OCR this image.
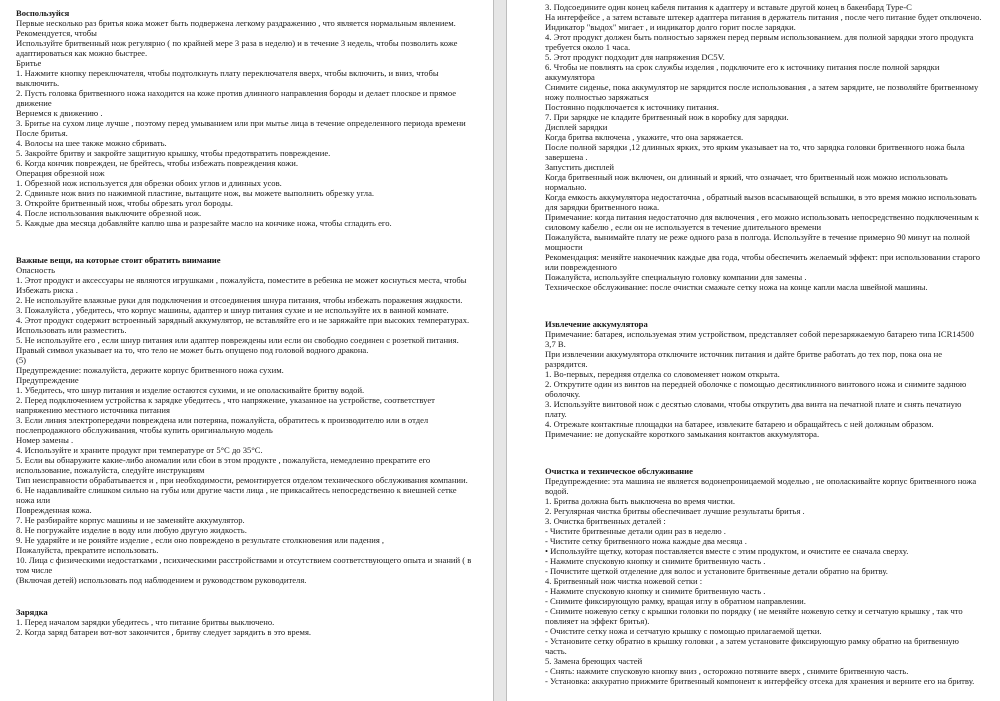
Воспользуйся

Первые несколько раз бритья кожа может быть подвержена легкому раздражению , что является нормальным явлением. Рекомендуется, чтобы

Используйте бритвенный нож регулярно ( по крайней мере 3 раза в неделю) и в течение 3 недель, чтобы позволить коже адаптироваться как можно быстрее.

Бритье

1. Нажмите кнопку переключателя, чтобы подтолкнуть плату переключателя вверх, чтобы включить, и вниз, чтобы выключить.

2. Пусть головка бритвенного ножа находится на коже против длинного направления бороды и делает плоское и прямое движение

Вернемся к движению .

3. Бритье на сухом лице лучше , поэтому перед умыванием или при мытье лица в течение определенного периода времени

После бритья.

4. Волосы на шее также можно сбривать.

5. Закройте бритву и закройте защитную крышку, чтобы предотвратить повреждение.

6. Когда кончик поврежден, не брейтесь, чтобы избежать повреждения кожи.

Операция обрезной нож

1. Обрезной нож используется для обрезки обоих углов и длинных усов.

2. Сдвиньте нож вниз по нажимной пластине, вытащите нож, вы можете выполнить обрезку угла.

3. Откройте бритвенный нож, чтобы обрезать угол бороды.

4. После использования выключите обрезной нож.

5. Каждые два месяца добавляйте каплю шва и разрезайте масло на кончике ножа, чтобы сгладить его.

Важные вещи, на которые стоит обратить внимание

Опасность

1. Этот продукт и аксессуары не являются игрушками , пожалуйста, поместите в ребенка не может коснуться места, чтобы

Избежать риска .

2. Не используйте влажные руки для подключения и отсоединения шнура питания, чтобы избежать поражения жидкости.

3. Пожалуйста , убедитесь, что корпус машины, адаптер и шнур питания сухие и не используйте их в ванной комнате.

4. Этот продукт содержит встроенный зарядный аккумулятор, не вставляйте его и не заряжайте при высоких температурах.

Использовать или разместить.

5. Не используйте его , если шнур питания или адаптер повреждены или если он свободно соединен с розеткой питания.

Правый символ указывает на то, что тело не может быть опущено под головой водного дракона.

(5)

Предупреждение: пожалуйста, держите корпус бритвенного ножа сухим.

Предупреждение

1. Убедитесь, что шнур питания и изделие остаются сухими, и не ополаскивайте бритву водой.

2. Перед подключением устройства к зарядке убедитесь , что напряжение, указанное на устройстве, соответствует напряжению местного источника питания

3. Если линия электропередачи повреждена или потеряна, пожалуйста, обратитесь к производителю или в отдел послепродажного обслуживания, чтобы купить оригинальную модель

Номер замены .

4. Используйте и храните продукт при температуре от 5°C до 35°C.

5. Если вы обнаружите какие-либо аномалии или сбои в этом продукте , пожалуйста, немедленно прекратите его использование, пожалуйста, следуйте инструкциям

Тип неисправности обрабатывается и , при необходимости, ремонтируется отделом технического обслуживания компании.

6. Не надавливайте слишком сильно на губы или другие части лица , не прикасайтесь непосредственно к внешней сетке ножа или

Поврежденная кожа.

7. Не разбирайте корпус машины и не заменяйте аккумулятор.

8. Не погружайте изделие в воду или любую другую жидкость.

9. Не ударяйте и не роняйте изделие , если оно повреждено в результате столкновения или падения ,

Пожалуйста, прекратите использовать.

10. Лица с физическими недостатками , психическими расстройствами и отсутствием соответствующего опыта и знаний ( в том числе

(Включая детей) использовать под наблюдением и руководством руководителя.

Зарядка

1. Перед началом зарядки убедитесь , что питание бритвы выключено.

2. Когда заряд батареи вот-вот закончится , бритву следует зарядить в это время.

3. Подсоедините один конец кабеля питания к адаптеру и вставьте другой конец в бакенбард Type-C

На интерфейсе , а затем вставьте штекер адаптера питания в держатель питания , после чего питание будет отключено.

Индикатор "выдох" мигает , и индикатор долго горит после зарядки.

4. Этот продукт должен быть полностью заряжен перед первым использованием. для полной зарядки этого продукта требуется около 1 часа.

5. Этот продукт подходит для напряжения DC5V.

6. Чтобы не повлиять на срок службы изделия , подключите его к источнику питания после полной зарядки аккумулятора

Снимите сиденье, пока аккумулятор не зарядится после использования , а затем зарядите, не позволяйте бритвенному ножу полностью заряжаться

Постоянно подключается к источнику питания.

7. При зарядке не кладите бритвенный нож в коробку для зарядки.

Дисплей зарядки

Когда бритва включена , укажите, что она заряжается.

После полной зарядки ,12 длинных ярких, это ярким указывает на то, что зарядка головки бритвенного ножа была завершена .

Запустить дисплей

Когда бритвенный нож включен, он длинный и яркий, что означает, что бритвенный нож можно использовать нормально.

Когда емкость аккумулятора недостаточна , обратный вызов всасывающей вспышки, в это время можно использовать для зарядки бритвенного ножа.

Примечание: когда питания недостаточно для включения , его можно использовать непосредственно подключенным к силовому кабелю , если он не используется в течение длительного времени

Пожалуйста, вынимайте плату не реже одного раза в полгода. Используйте в течение примерно 90 минут на полной мощности

Рекомендация: меняйте наконечник каждые два года, чтобы обеспечить желаемый эффект: при использовании старого или поврежденного

Пожалуйста, используйте специальную головку компании для замены .

Техническое обслуживание: после очистки смажьте сетку ножа на конце капли масла швейной машины.

Извлечение аккумулятора

Примечание: батарея, используемая этим устройством, представляет собой перезаряжаемую батарею типа ICR14500 3,7 В.

При извлечении аккумулятора отключите источник питания и дайте бритве работать до тех пор, пока она не разрядится.

1. Во-первых, передняя отделка со словоменяет ножом открыта.

2. Открутите один из винтов на передней оболочке с помощью десятиклинного винтового ножа и снимите заднюю оболочку.

3. Используйте винтовой нож с десятью словами, чтобы открутить два винта на печатной плате и снять печатную плату.

4. Отрежьте контактные площадки на батарее, извлеките батарею и обращайтесь с ней должным образом.

Примечание: не допускайте короткого замыкания контактов аккумулятора.

Очистка и техническое обслуживание

Предупреждение: эта машина не является водонепроницаемой моделью , не ополаскивайте корпус бритвенного ножа водой.

1. Бритва должна быть выключена во время чистки.

2. Регулярная чистка бритвы обеспечивает лучшие результаты бритья .

3. Очистка бритвенных деталей :

- Чистите бритвенные детали один раз в неделю .

- Чистите сетку бритвенного ножа каждые два месяца .

• Используйте щетку, которая поставляется вместе с этим продуктом, и очистите ее сначала сверху.

- Нажмите спусковую кнопку и снимите бритвенную часть .

- Почистите щеткой отделение для волос и установите бритвенные детали обратно на бритву.

4. Бритвенный нож чистка ножевой сетки :

- Нажмите спусковую кнопку и снимите бритвенную часть .

- Снимите фиксирующую рамку, вращая иглу в обратном направлении.

- Снимите ножевую сетку с крышки головки по порядку ( не меняйте ножевую сетку и сетчатую крышку , так что повлияет на эффект бритья).

- Очистите сетку ножа и сетчатую крышку с помощью прилагаемой щетки.

- Установите сетку обратно в крышку головки , а затем установите фиксирующую рамку обратно на бритвенную часть.

5. Замена бреющих частей

- Снять: нажмите спусковую кнопку вниз , осторожно потяните вверх , снимите бритвенную часть.

- Установка: аккуратно прижмите бритвенный компонент к интерфейсу отсека для хранения и верните его на бритву.
